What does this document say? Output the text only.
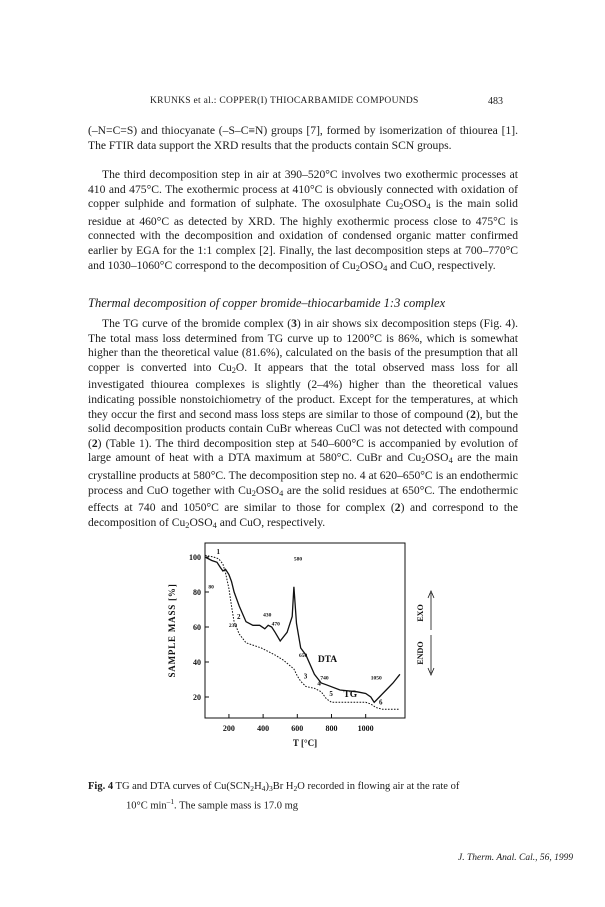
KRUNKS et al.: COPPER(I) THIOCARBAMIDE COMPOUNDS	483

(–N=C=S) and thiocyanate (–S–C≡N) groups [7], formed by isomerization of thiourea [1]. The FTIR data support the XRD results that the products contain SCN groups.

The third decomposition step in air at 390–520°C involves two exothermic processes at 410 and 475°C. The exothermic process at 410°C is obviously connected with oxidation of copper sulphide and formation of sulphate. The oxosulphate $Cu_2OSO_4$ is the main solid residue at 460°C as detected by XRD. The highly exothermic process close to 475°C is connected with the decomposition and oxidation of condensed organic matter confirmed earlier by EGA for the 1:1 complex [2]. Finally, the last decomposition steps at 700–770°C and 1030–1060°C correspond to the decomposition of $Cu_2OSO_4$ and CuO, respectively.

Thermal decomposition of copper bromide–thiocarbamide 1:3 complex

The TG curve of the bromide complex (3) in air shows six decomposition steps (Fig. 4). The total mass loss determined from TG curve up to 1200°C is 86%, which is somewhat higher than the theoretical value (81.6%), calculated on the basis of the presumption that all copper is converted into $Cu_2O$. It appears that the total observed mass loss for all investigated thiourea complexes is slightly (2–4%) higher than the theoretical values indicating possible nonstoichiometry of the product. Except for the temperatures, at which they occur the first and second mass loss steps are similar to those of compound (2), but the solid decomposition products contain CuBr whereas CuCl was not detected with compound (2) (Table 1). The third decomposition step at 540–600°C is accompanied by evolution of large amount of heat with a DTA maximum at 580°C. CuBr and $Cu_2OSO_4$ are the main crystalline products at 580°C. The decomposition step no. 4 at 620–650°C is an endothermic process and CuO together with $Cu_2OSO_4$ are the solid residues at 650°C. The endothermic effects at 740 and 1050°C are similar to those for complex (2) and correspond to the decomposition of $Cu_2OSO_4$ and CuO, respectively.

200	400	600	800	1000
100
80
60
40
20
T [°C]
SAMPLE MASS [%]	EXO
ENDO
1
2
3
4
5
6
80
230
430
470
580
650
740	1050
DTA
TG
Fig. 4 TG and DTA curves of $Cu(SCN_2H_4)_3Br$ $H_2O$ recorded in flowing air at the rate of
10°C $\min^{-1}$. The sample mass is 17.0 mg
J. Therm. Anal. Cal., 56, 1999
